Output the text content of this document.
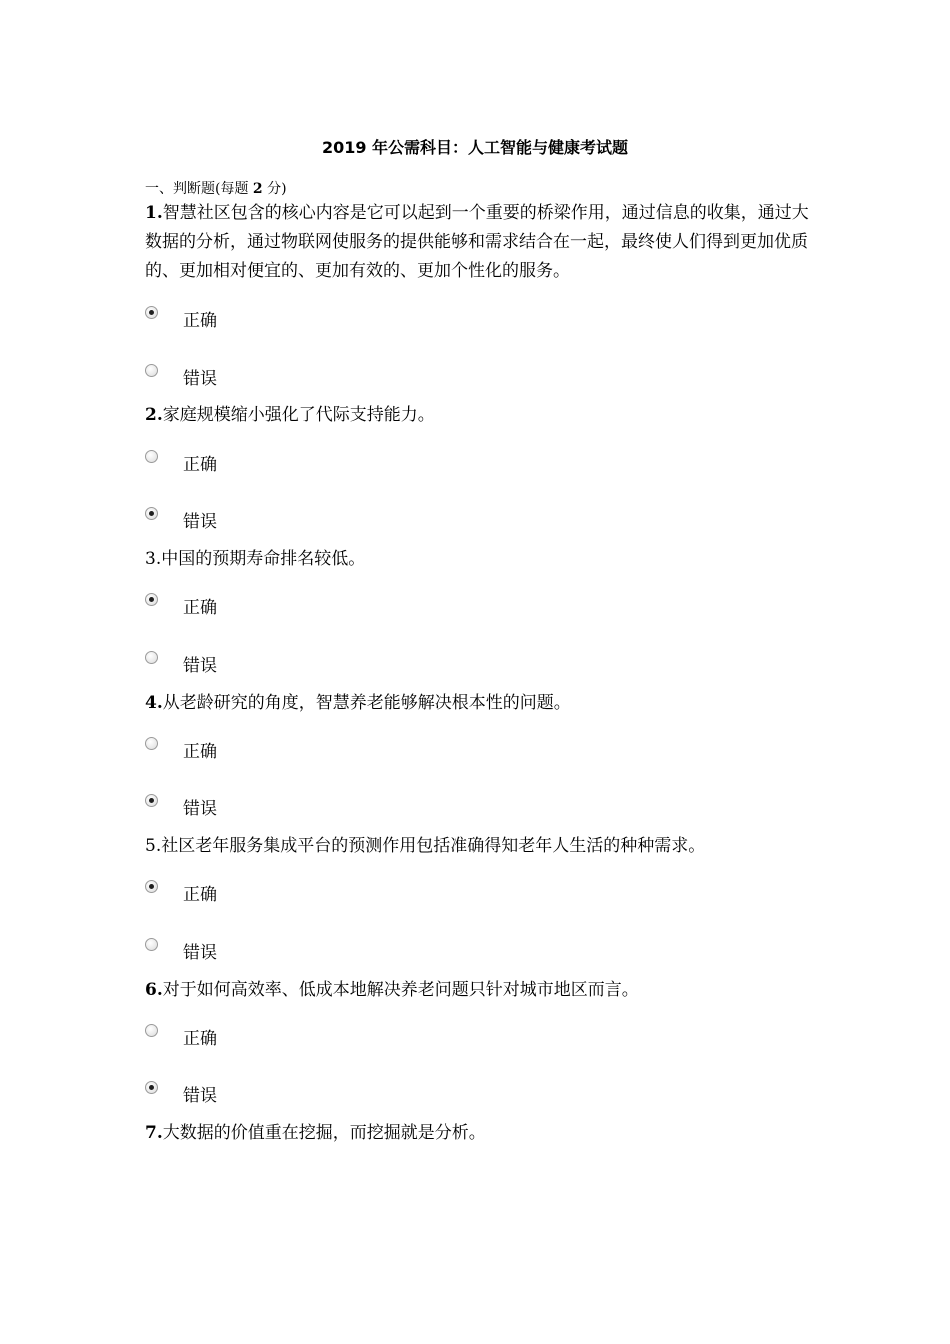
2019 年公需科目：人工智能与健康考试题
一、判断题(每题 2 分)
1.智慧社区包含的核心内容是它可以起到一个重要的桥梁作用，通过信息的收集，通过大数据的分析，通过物联网使服务的提供能够和需求结合在一起，最终使人们得到更加优质的、更加相对便宜的、更加有效的、更加个性化的服务。
正确
错误
2.家庭规模缩小强化了代际支持能力。
正确
错误
3.中国的预期寿命排名较低。
正确
错误
4.从老龄研究的角度，智慧养老能够解决根本性的问题。
正确
错误
5.社区老年服务集成平台的预测作用包括准确得知老年人生活的种种需求。
正确
错误
6.对于如何高效率、低成本地解决养老问题只针对城市地区而言。
正确
错误
7.大数据的价值重在挖掘，而挖掘就是分析。
